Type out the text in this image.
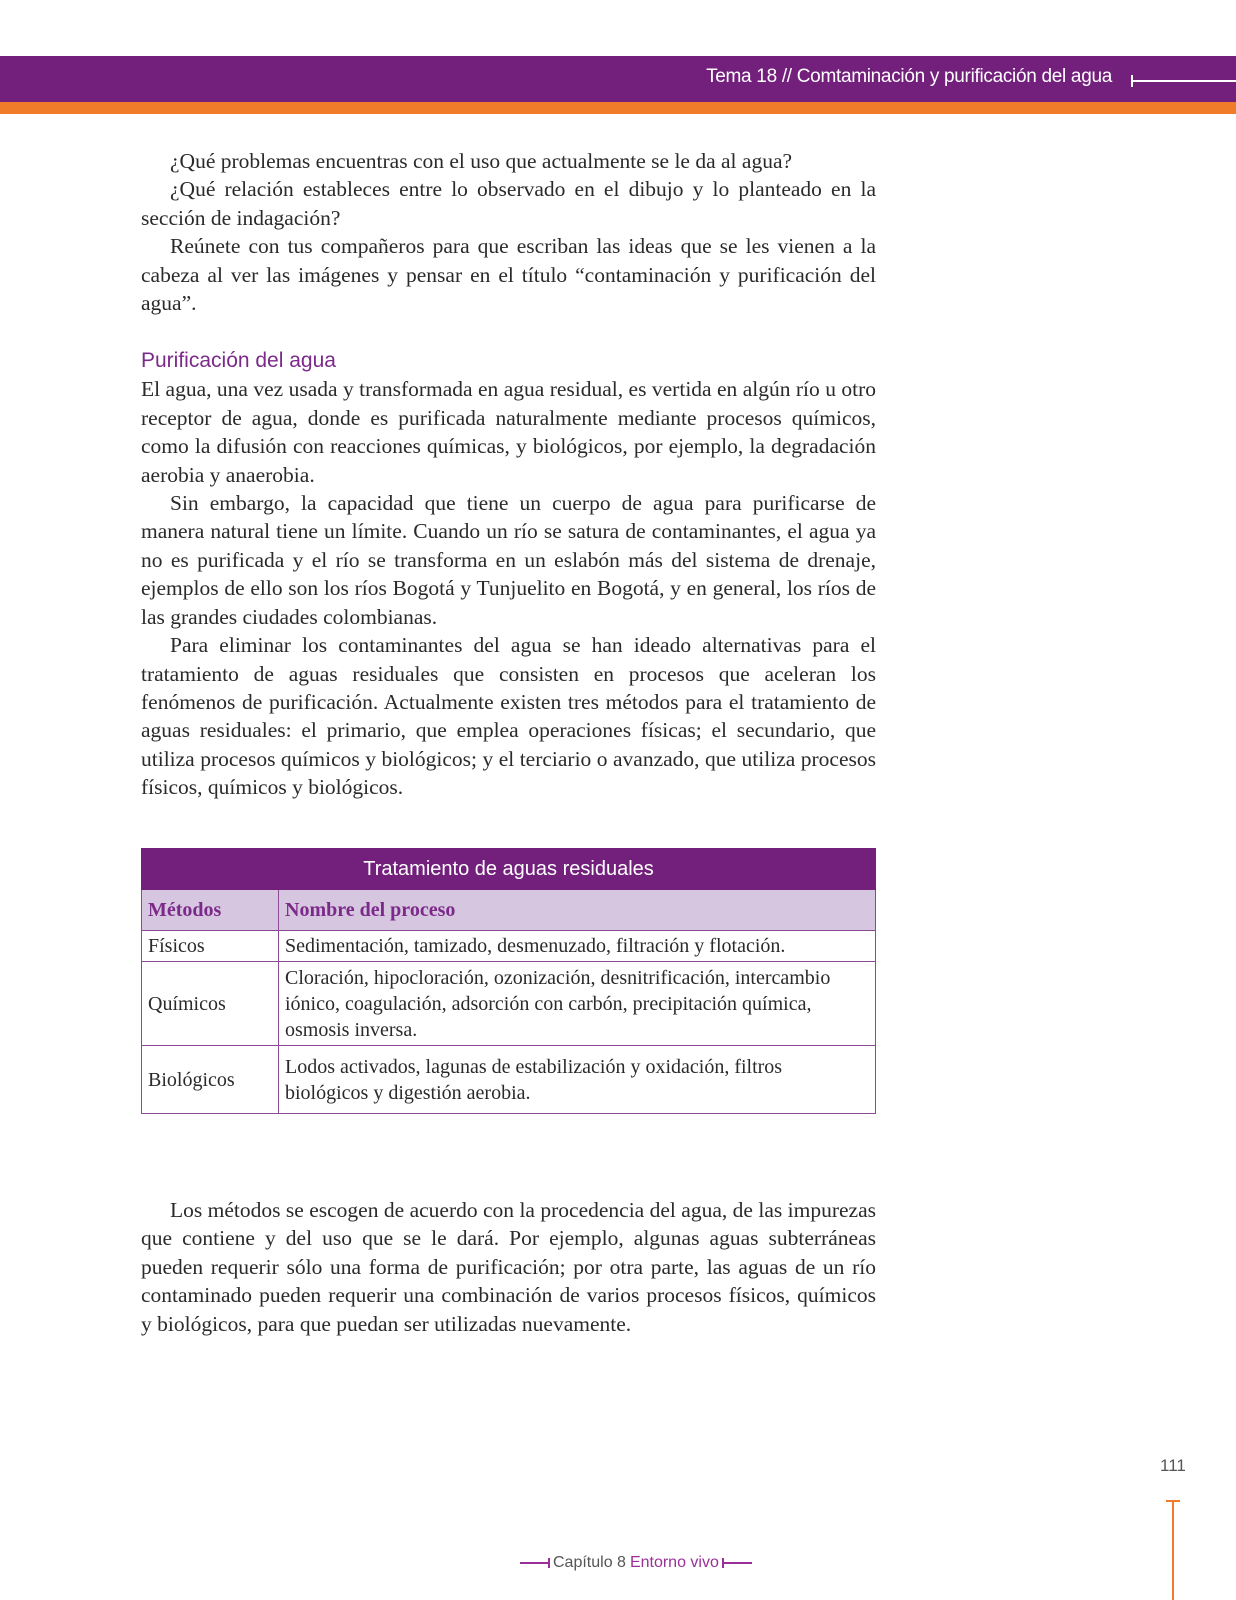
Tema 18 // Comtaminación y purificación del agua

¿Qué problemas encuentras con el uso que actualmente se le da al agua?

¿Qué relación estableces entre lo observado en el dibujo y lo planteado en la sección de indagación?

Reúnete con tus compañeros para que escriban las ideas que se les vienen a la cabeza al ver las imágenes y pensar en el título “contaminación y purificación del agua”.

Purificación del agua

El agua, una vez usada y transformada en agua residual, es vertida en algún río u otro receptor de agua, donde es purificada naturalmente mediante procesos químicos, como la difusión con reacciones químicas, y biológicos, por ejemplo, la degradación aerobia y anaerobia.

Sin embargo, la capacidad que tiene un cuerpo de agua para purificarse de manera natural tiene un límite. Cuando un río se satura de contaminantes, el agua ya no es purificada y el río se transforma en un eslabón más del sistema de drenaje, ejemplos de ello son los ríos Bogotá y Tunjuelito en Bogotá, y en general, los ríos de las grandes ciudades colombianas.

Para eliminar los contaminantes del agua se han ideado alternativas para el tratamiento de aguas residuales que consisten en procesos que aceleran los fenómenos de purificación. Actualmente existen tres métodos para el tratamiento de aguas residuales: el primario, que emplea operaciones físicas; el secundario, que utiliza procesos químicos y biológicos; y el terciario o avanzado, que utiliza procesos físicos, químicos y biológicos.

Tratamiento de aguas residuales	
Métodos	Nombre del proceso
Físicos	Sedimentación, tamizado, desmenuzado, filtración y flotación.
Químicos	Cloración, hipocloración, ozonización, desnitrificación, intercambio iónico, coagulación, adsorción con carbón, precipitación química, osmosis inversa.
Biológicos	Lodos activados, lagunas de estabilización y oxidación, filtros biológicos y digestión aerobia.

Los métodos se escogen de acuerdo con la procedencia del agua, de las impurezas que contiene y del uso que se le dará. Por ejemplo, algunas aguas subterráneas pueden requerir sólo una forma de purificación; por otra parte, las aguas de un río contaminado pueden requerir una combinación de varios procesos físicos, químicos y biológicos, para que puedan ser utilizadas nuevamente.

111
Capítulo 8 Entorno vivo
